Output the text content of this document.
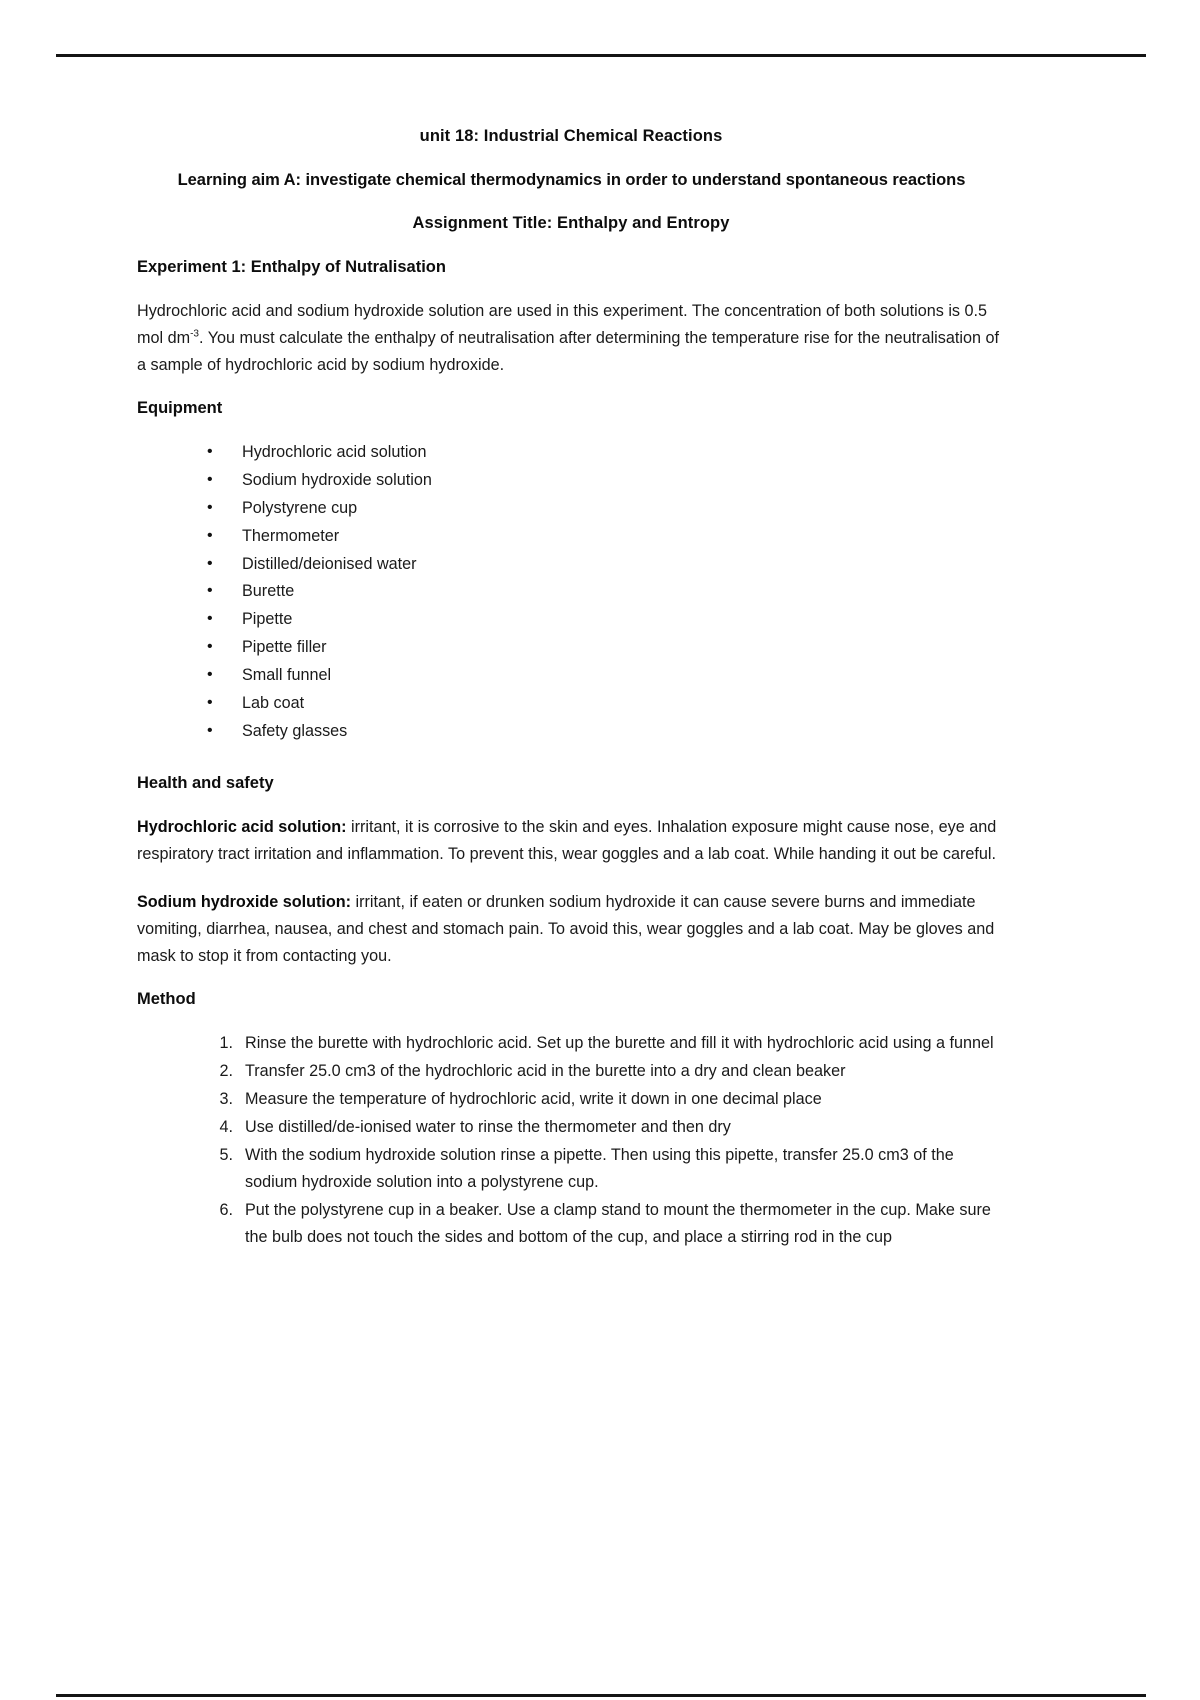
unit 18: Industrial Chemical Reactions
Learning aim A: investigate chemical thermodynamics in order to understand spontaneous reactions
Assignment Title: Enthalpy and Entropy
Experiment 1: Enthalpy of Nutralisation

Hydrochloric acid and sodium hydroxide solution are used in this experiment. The concentration of both solutions is 0.5 mol $dm^{-3}$. You must calculate the enthalpy of neutralisation after determining the temperature rise for the neutralisation of a sample of hydrochloric acid by sodium hydroxide.

Equipment
• Hydrochloric acid solution
• Sodium hydroxide solution
• Polystyrene cup
• Thermometer
• Distilled/deionised water
• Burette
• Pipette
• Pipette filler
• Small funnel
• Lab coat
• Safety glasses
Health and safety

Hydrochloric acid solution: irritant, it is corrosive to the skin and eyes. Inhalation exposure might cause nose, eye and respiratory tract irritation and inflammation. To prevent this, wear goggles and a lab coat. While handing it out be careful.

Sodium hydroxide solution: irritant, if eaten or drunken sodium hydroxide it can cause severe burns and immediate vomiting, diarrhea, nausea, and chest and stomach pain. To avoid this, wear goggles and a lab coat. May be gloves and mask to stop it from contacting you.

Method
Rinse the burette with hydrochloric acid. Set up the burette and fill it with hydrochloric acid using a funnel
Transfer 25.0 cm3 of the hydrochloric acid in the burette into a dry and clean beaker
Measure the temperature of hydrochloric acid, write it down in one decimal place
Use distilled/de-ionised water to rinse the thermometer and then dry
With the sodium hydroxide solution rinse a pipette. Then using this pipette, transfer 25.0 cm3 of the sodium hydroxide solution into a polystyrene cup.
Put the polystyrene cup in a beaker. Use a clamp stand to mount the thermometer in the cup. Make sure the bulb does not touch the sides and bottom of the cup, and place a stirring rod in the cup
